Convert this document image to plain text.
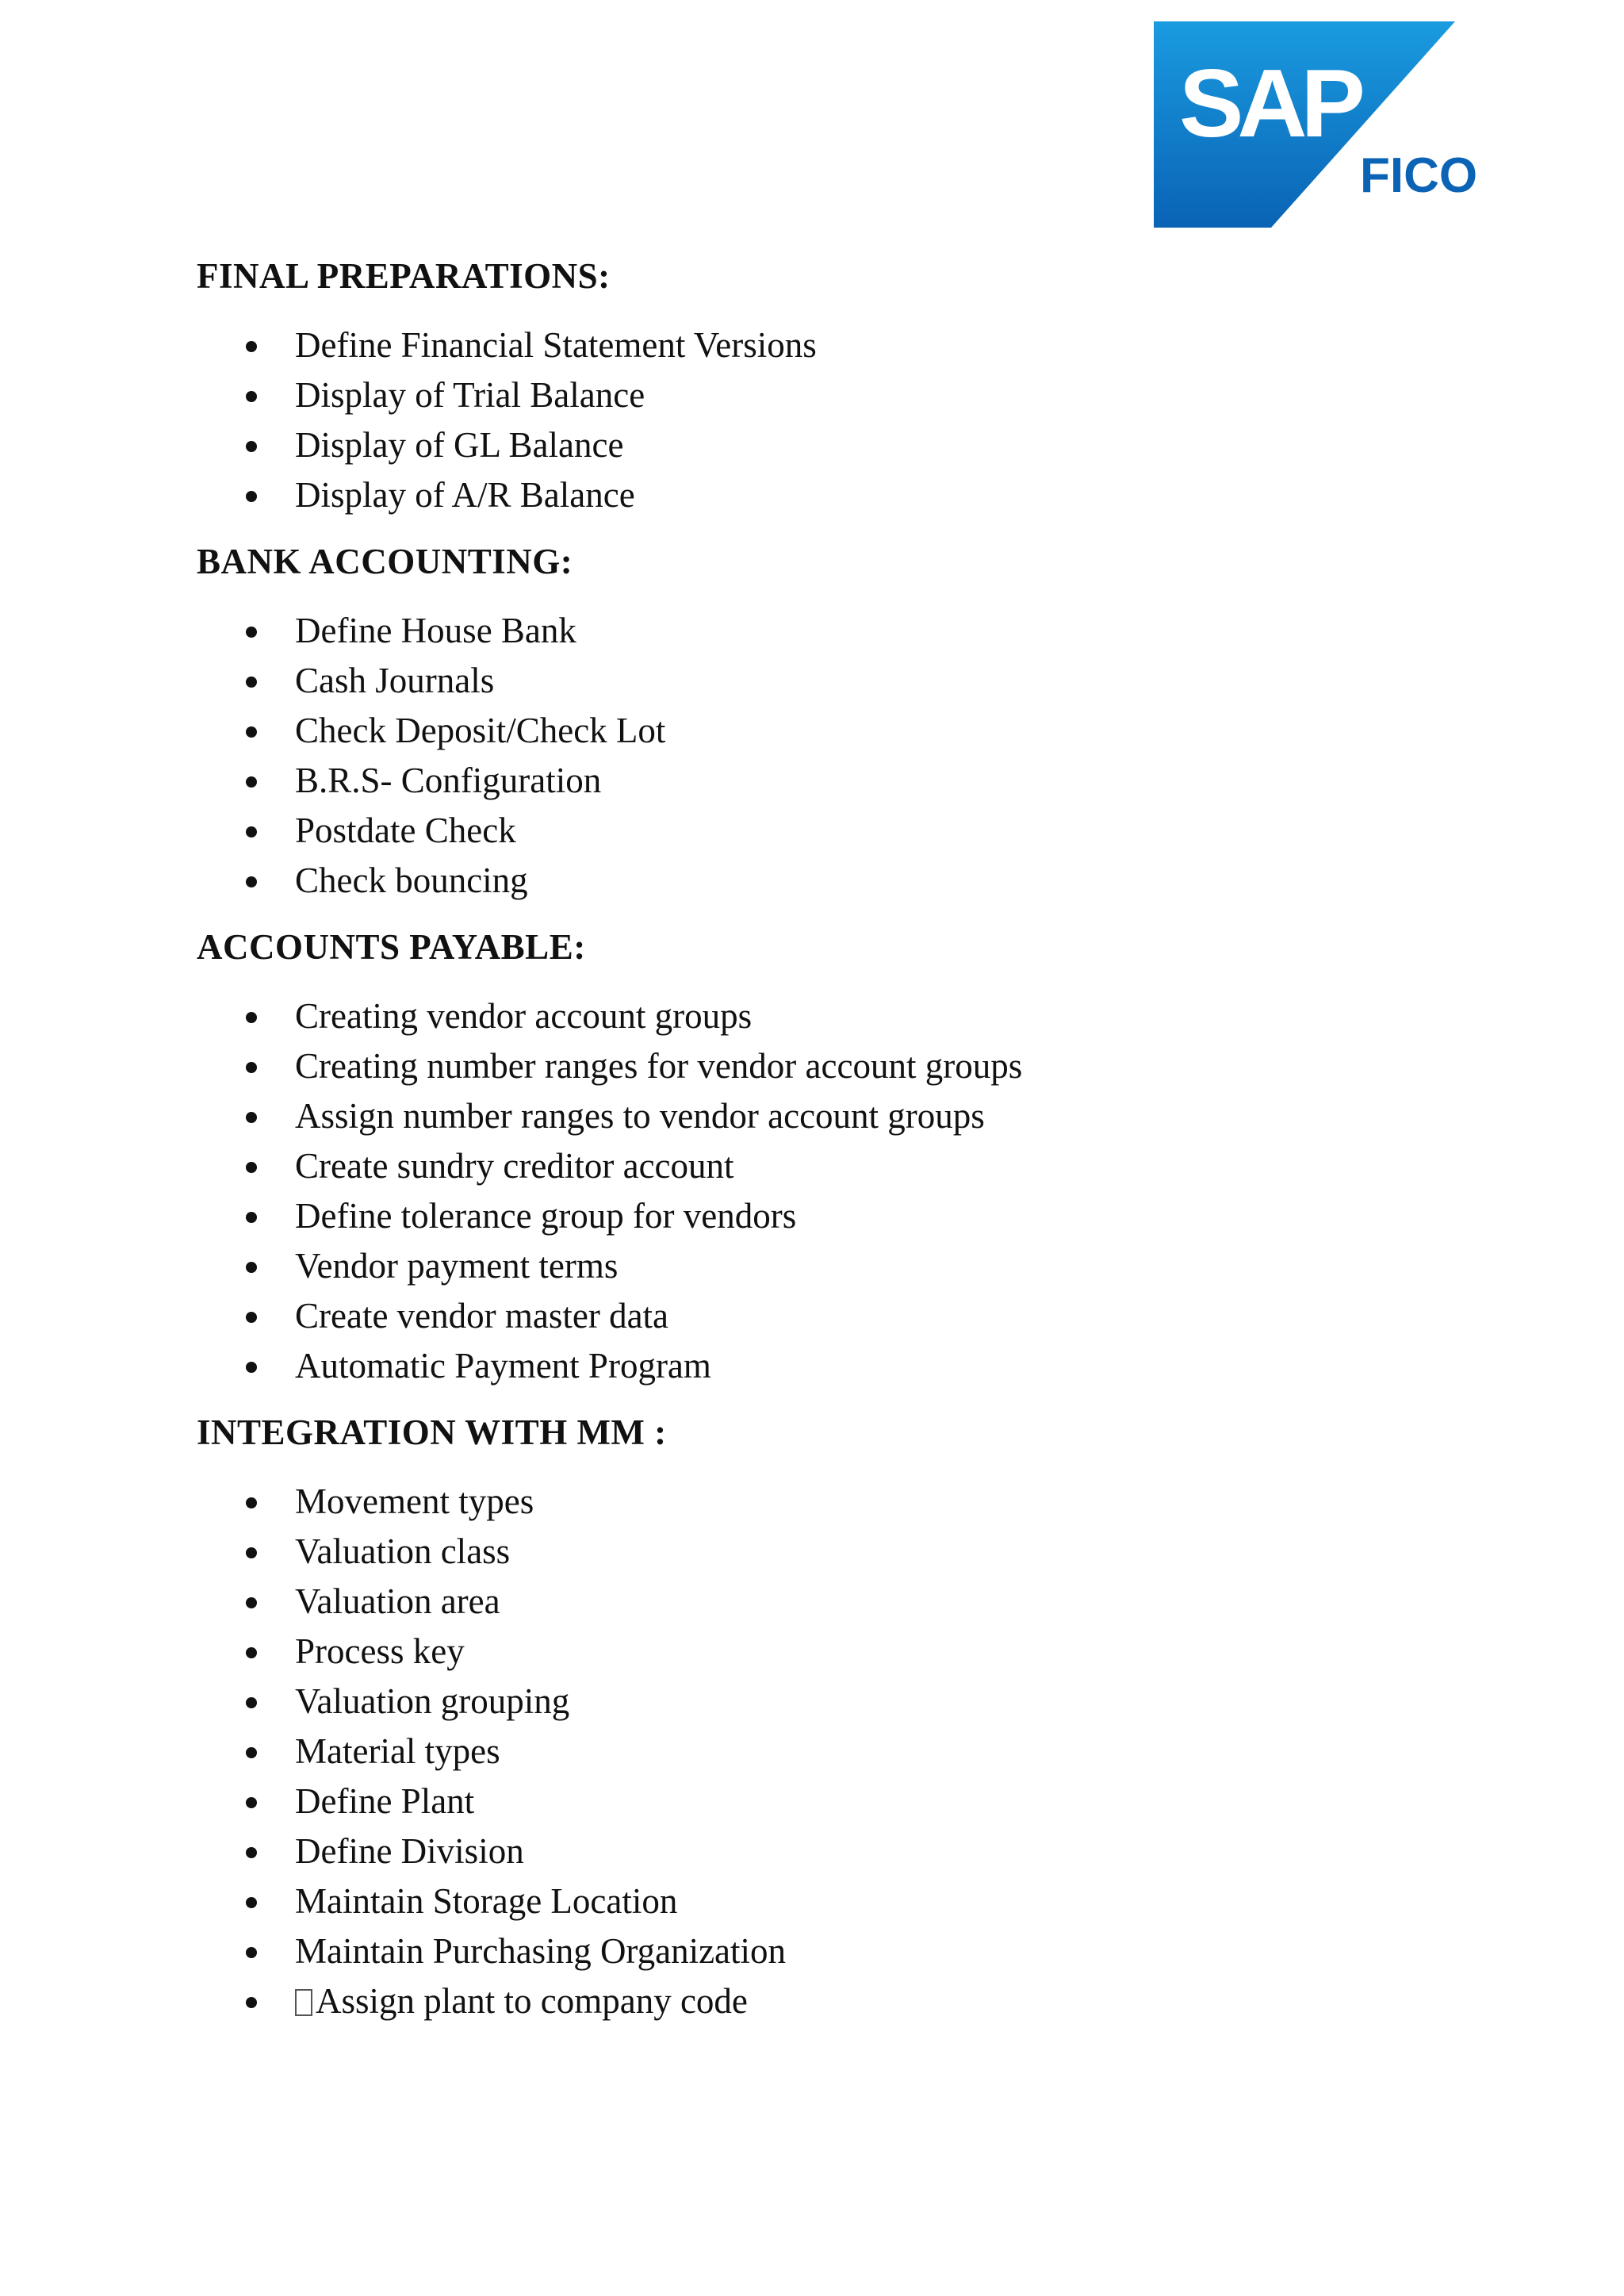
SAP
FICO
FINAL PREPARATIONS:
Define Financial Statement Versions
Display of Trial Balance
Display of GL Balance
Display of A/R Balance
BANK ACCOUNTING:
Define House Bank
Cash Journals
Check Deposit/Check Lot
B.R.S- Configuration
Postdate Check
Check bouncing
ACCOUNTS PAYABLE:
Creating vendor account groups
Creating number ranges for vendor account groups
Assign number ranges to vendor account groups
Create sundry creditor account
Define tolerance group for vendors
Vendor payment terms
Create vendor master data
Automatic Payment Program
INTEGRATION WITH MM :
Movement types
Valuation class
Valuation area
Process key
Valuation grouping
Material types
Define Plant
Define Division
Maintain Storage Location
Maintain Purchasing Organization
Assign plant to company code
